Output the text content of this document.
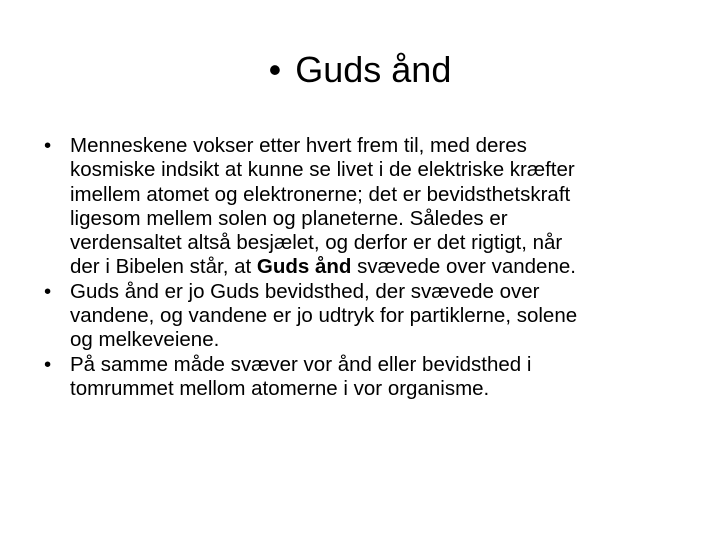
• Guds ånd
• Menneskene vokser etter hvert frem til, med deres
kosmiske indsikt at kunne se livet i de elektriske kræfter
imellem atomet og elektronerne; det er bevidsthetskraft
ligesom mellem solen og planeterne. Således er
verdensaltet altså besjælet, og derfor er det rigtigt, når
der i Bibelen står, at Guds ånd svævede over vandene.
• Guds ånd er jo Guds bevidsthed, der svævede over
vandene, og vandene er jo udtryk for partiklerne, solene
og melkeveiene.
• På samme måde svæver vor ånd eller bevidsthed i
tomrummet mellom atomerne i vor organisme.
